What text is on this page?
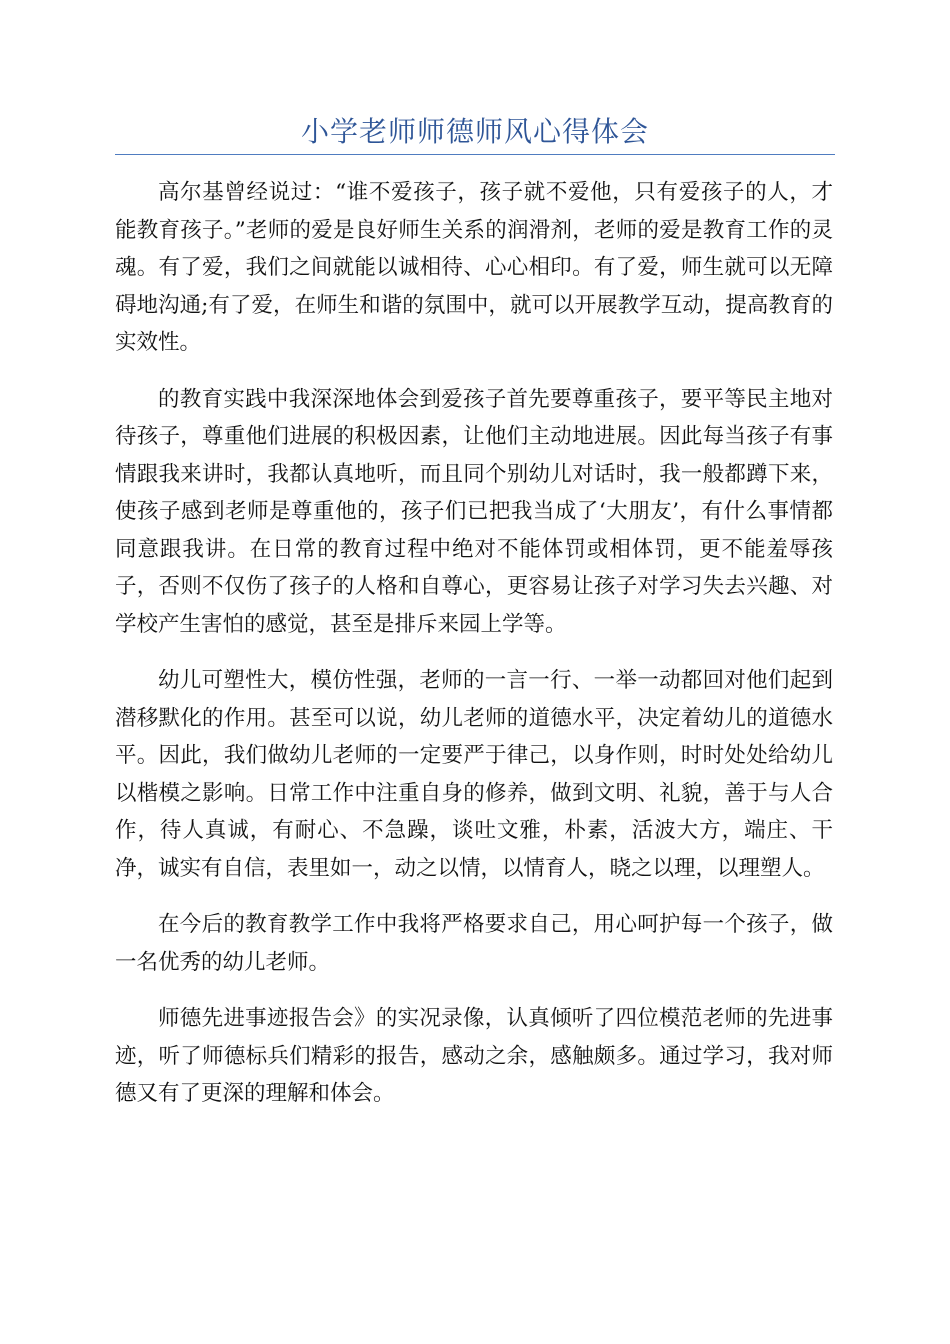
小学老师师德师风心得体会

高尔基曾经说过：“谁不爱孩子，孩子就不爱他，只有爱孩子的人，才能教育孩子。”老师的爱是良好师生关系的润滑剂，老师的爱是教育工作的灵魂。有了爱，我们之间就能以诚相待、心心相印。有了爱，师生就可以无障碍地沟通;有了爱，在师生和谐的氛围中，就可以开展教学互动，提高教育的实效性。

的教育实践中我深深地体会到爱孩子首先要尊重孩子，要平等民主地对待孩子，尊重他们进展的积极因素，让他们主动地进展。因此每当孩子有事情跟我来讲时，我都认真地听，而且同个别幼儿对话时，我一般都蹲下来，使孩子感到老师是尊重他的，孩子们已把我当成了‘大朋友’，有什么事情都同意跟我讲。在日常的教育过程中绝对不能体罚或相体罚，更不能羞辱孩子，否则不仅伤了孩子的人格和自尊心，更容易让孩子对学习失去兴趣、对学校产生害怕的感觉，甚至是排斥来园上学等。

幼儿可塑性大，模仿性强，老师的一言一行、一举一动都回对他们起到潜移默化的作用。甚至可以说，幼儿老师的道德水平，决定着幼儿的道德水平。因此，我们做幼儿老师的一定要严于律己，以身作则，时时处处给幼儿以楷模之影响。日常工作中注重自身的修养，做到文明、礼貌，善于与人合作，待人真诚，有耐心、不急躁，谈吐文雅，朴素，活波大方，端庄、干净，诚实有自信，表里如一，动之以情，以情育人，晓之以理，以理塑人。

在今后的教育教学工作中我将严格要求自己，用心呵护每一个孩子，做一名优秀的幼儿老师。

师德先进事迹报告会》的实况录像，认真倾听了四位模范老师的先进事迹，听了师德标兵们精彩的报告，感动之余，感触颇多。通过学习，我对师德又有了更深的理解和体会。
